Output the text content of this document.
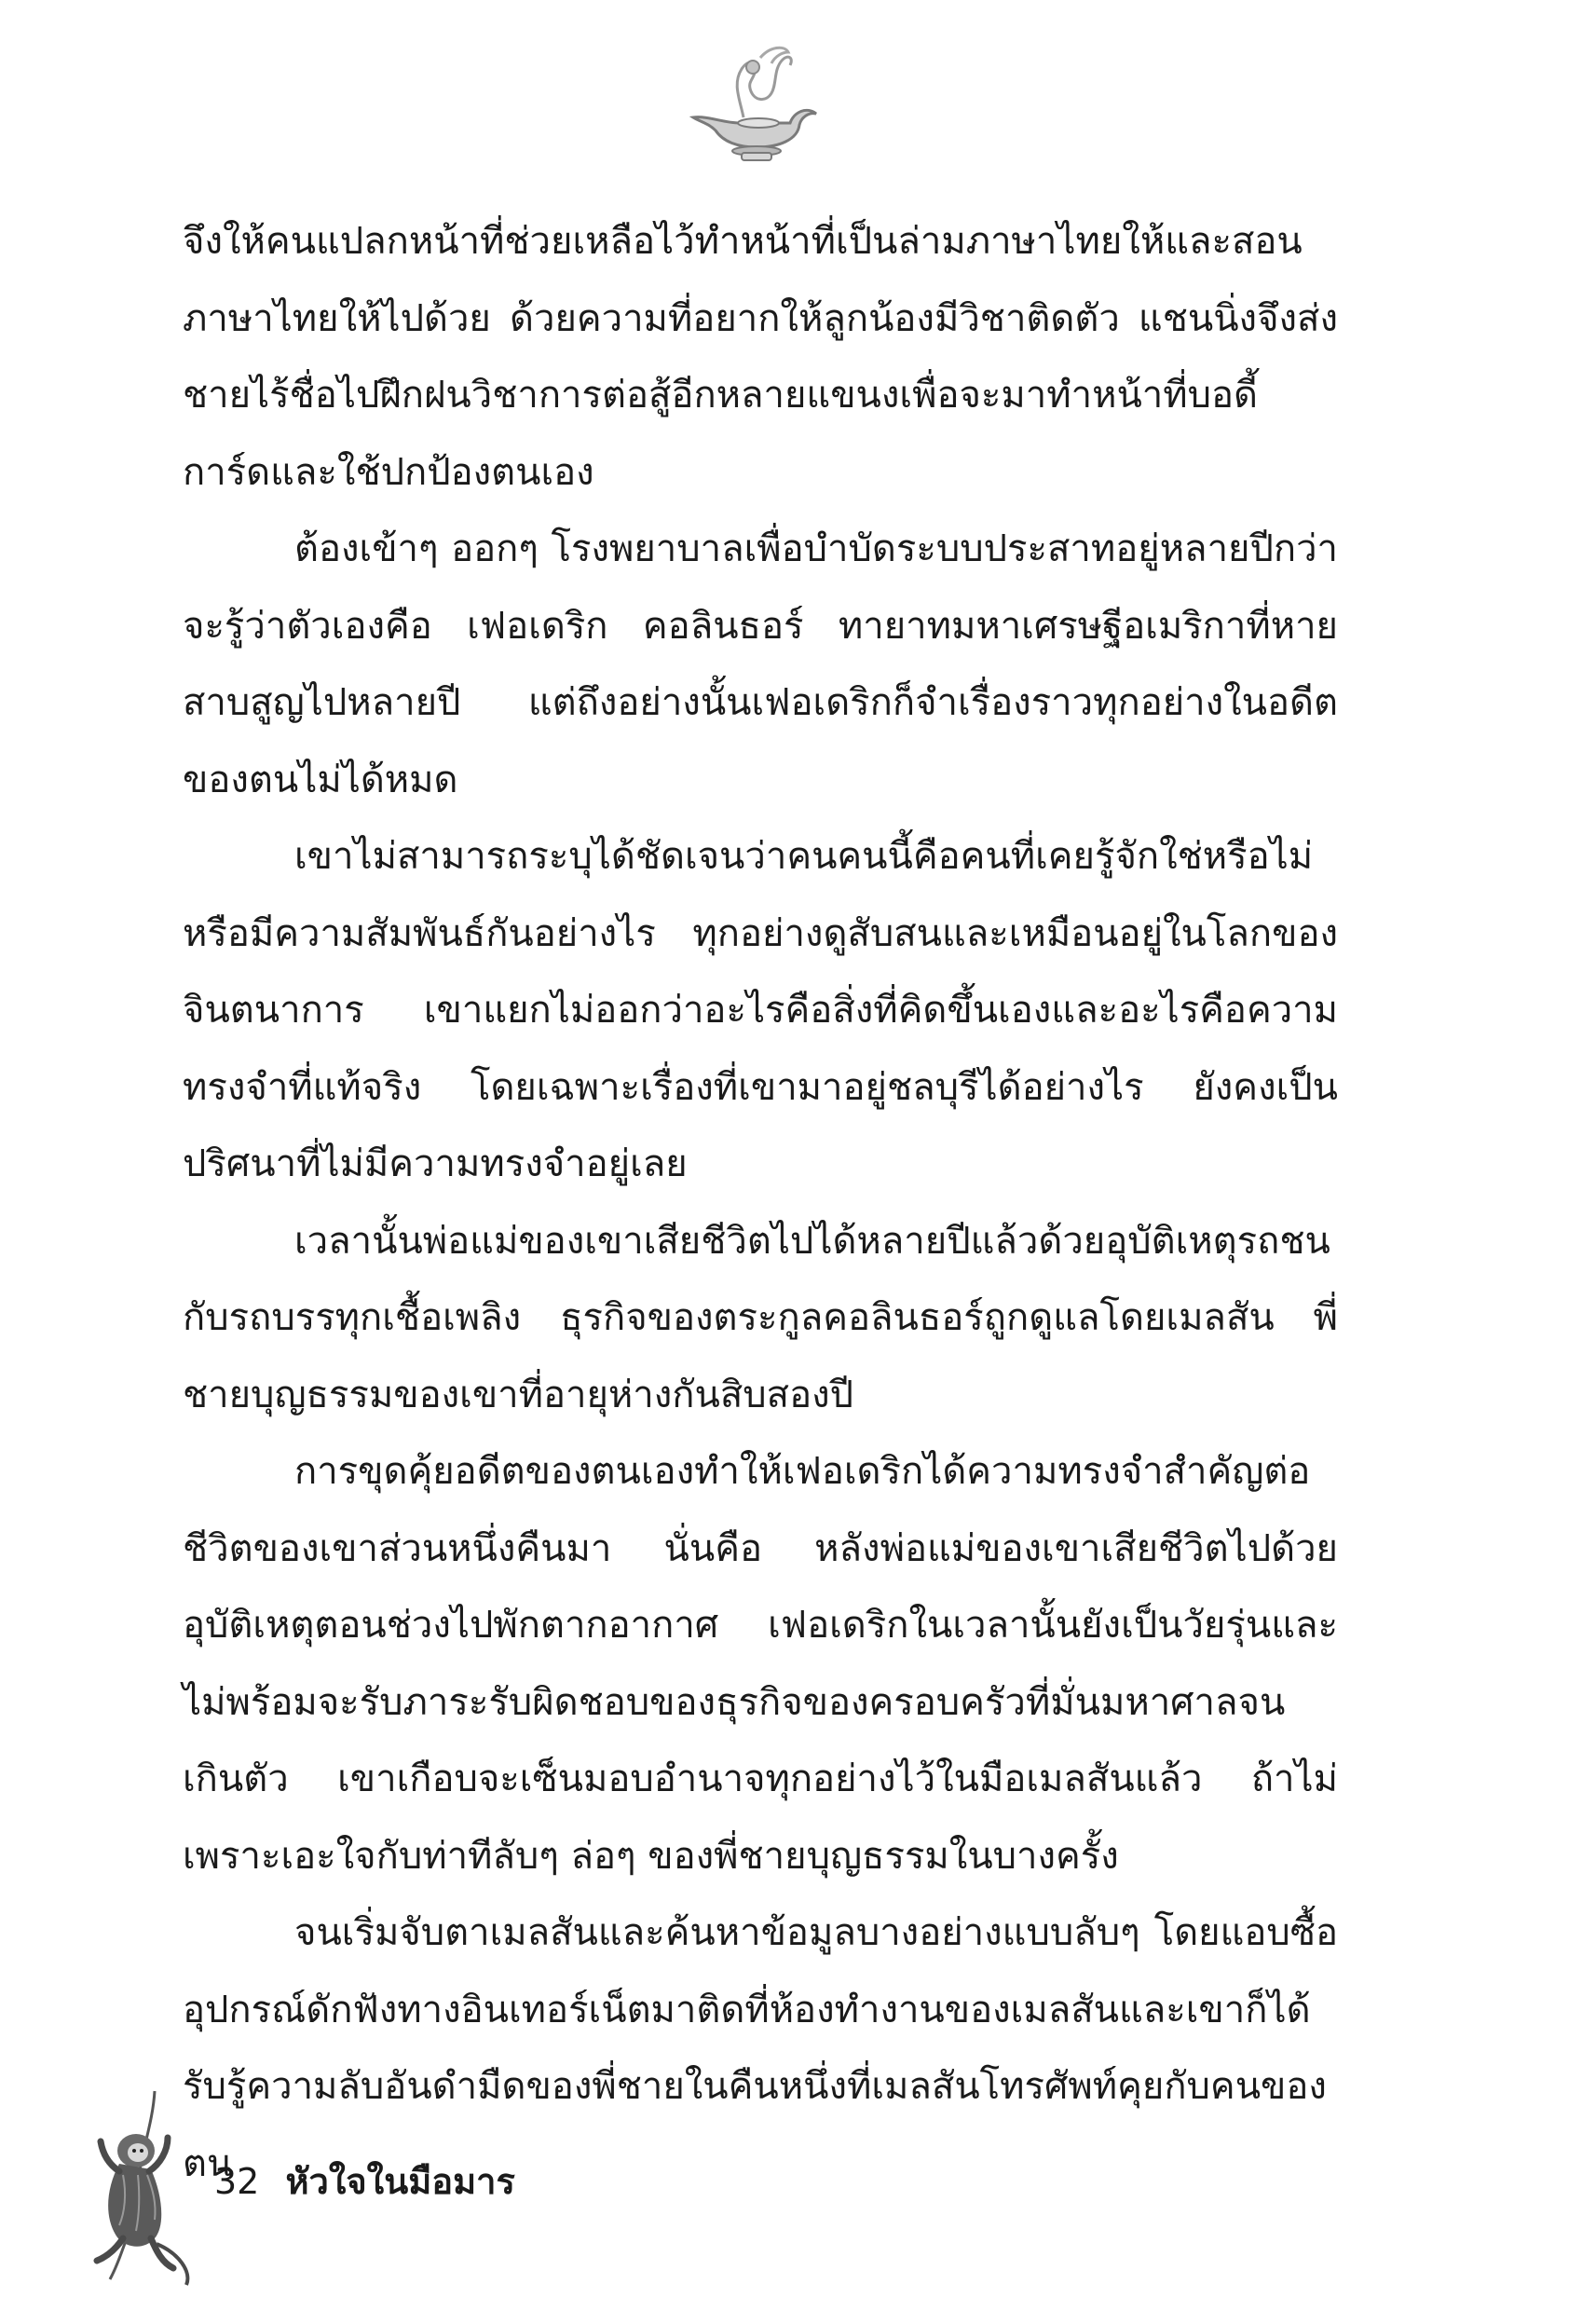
จึงให้คนแปลกหน้าที่ช่วยเหลือไว้ทำหน้าที่เป็นล่ามภาษาไทยให้และสอนภาษาไทยให้ไปด้วย ด้วยความที่อยากให้ลูกน้องมีวิชาติดตัว แชนนิ่งจึงส่งชายไร้ชื่อไปฝึกฝนวิชาการต่อสู้อีกหลายแขนงเพื่อจะมาทำหน้าที่บอดี้การ์ดและใช้ปกป้องตนเอง

ต้องเข้าๆ ออกๆ โรงพยาบาลเพื่อบำบัดระบบประสาทอยู่หลายปีกว่าจะรู้ว่าตัวเองคือ เฟอเดริก คอลินธอร์ ทายาทมหาเศรษฐีอเมริกาที่หายสาบสูญไปหลายปี แต่ถึงอย่างนั้นเฟอเดริกก็จำเรื่องราวทุกอย่างในอดีตของตนไม่ได้หมด

เขาไม่สามารถระบุได้ชัดเจนว่าคนคนนี้คือคนที่เคยรู้จักใช่หรือไม่หรือมีความสัมพันธ์กันอย่างไร ทุกอย่างดูสับสนและเหมือนอยู่ในโลกของจินตนาการ เขาแยกไม่ออกว่าอะไรคือสิ่งที่คิดขึ้นเองและอะไรคือความทรงจำที่แท้จริง โดยเฉพาะเรื่องที่เขามาอยู่ชลบุรีได้อย่างไร ยังคงเป็นปริศนาที่ไม่มีความทรงจำอยู่เลย

เวลานั้นพ่อแม่ของเขาเสียชีวิตไปได้หลายปีแล้วด้วยอุบัติเหตุรถชนกับรถบรรทุกเชื้อเพลิง ธุรกิจของตระกูลคอลินธอร์ถูกดูแลโดยเมลสัน พี่ชายบุญธรรมของเขาที่อายุห่างกันสิบสองปี

การขุดคุ้ยอดีตของตนเองทำให้เฟอเดริกได้ความทรงจำสำคัญต่อชีวิตของเขาส่วนหนึ่งคืนมา นั่นคือ หลังพ่อแม่ของเขาเสียชีวิตไปด้วยอุบัติเหตุตอนช่วงไปพักตากอากาศ เฟอเดริกในเวลานั้นยังเป็นวัยรุ่นและไม่พร้อมจะรับภาระรับผิดชอบของธุรกิจของครอบครัวที่มั่นมหาศาลจนเกินตัว เขาเกือบจะเซ็นมอบอำนาจทุกอย่างไว้ในมือเมลสันแล้ว ถ้าไม่เพราะเอะใจกับท่าทีลับๆ ล่อๆ ของพี่ชายบุญธรรมในบางครั้ง

จนเริ่มจับตาเมลสันและค้นหาข้อมูลบางอย่างแบบลับๆ โดยแอบซื้ออุปกรณ์ดักฟังทางอินเทอร์เน็ตมาติดที่ห้องทำงานของเมลสันและเขาก็ได้รับรู้ความลับอันดำมืดของพี่ชายในคืนหนึ่งที่เมลสันโทรศัพท์คุยกับคนของตน

32 หัวใจในมือมาร
